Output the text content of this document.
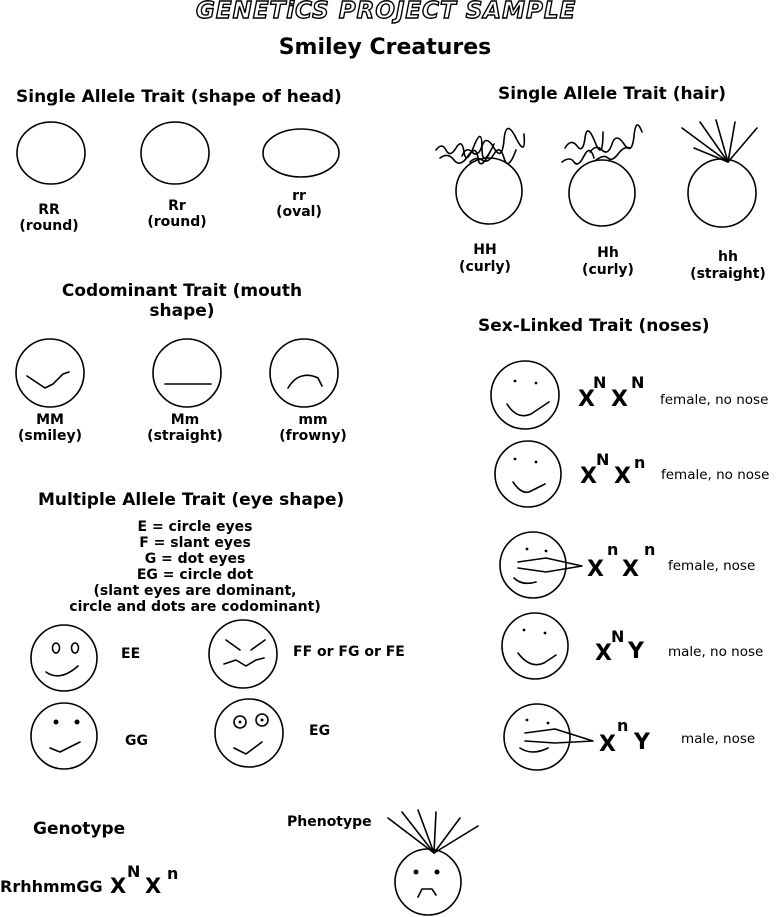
GENETiCS PROJECT SAMPLE
Smiley Creatures
Single Allele Trait (shape of head)
RR
(round)
Rr
(round)
rr
(oval)
Single Allele Trait (hair)
HH
(curly)
Hh
(curly)
hh
(straight)
Codominant Trait (mouth
shape)
MM
(smiley)
Mm
(straight)
mm
(frowny)
Sex-Linked Trait (noses)
X
N
X
N
female, no nose
X
N
X
n
female, no nose
X
n
X
n
female, nose
X
N
Y male, no nose
X
n
Y male, nose
Multiple Allele Trait (eye shape)
E = circle eyes
F = slant eyes
G = dot eyes
EG = circle dot
(slant eyes are dominant,
circle and dots are codominant)
EE	FF or FG or FE
GG
EG
Genotype	Phenotype
RrhhmmGG X
N
X
n
